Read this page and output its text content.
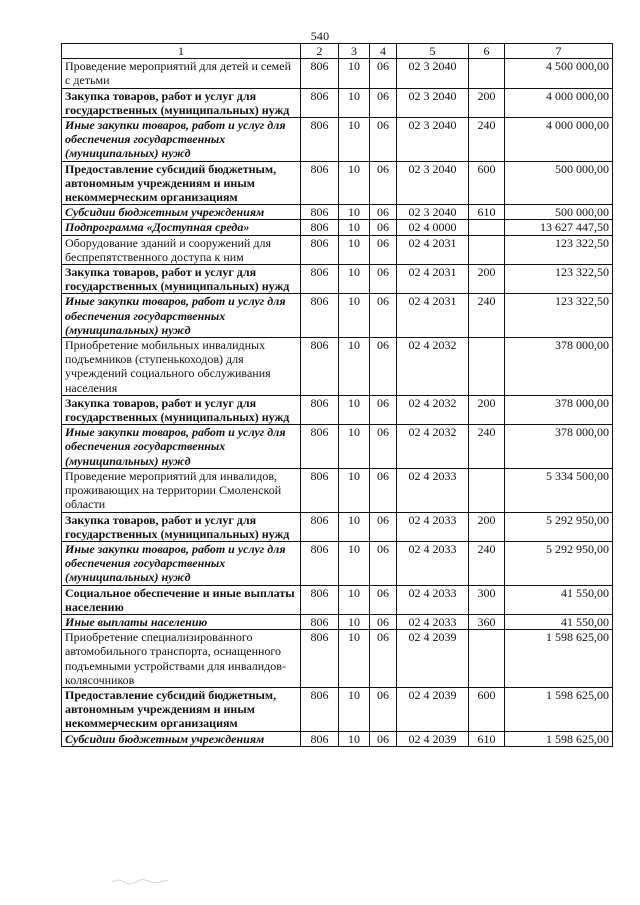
540
1	2	3	4	5	6	7
Проведение мероприятий для детей и семей с детьми	806	10	06	02 3 2040		4 500 000,00
Закупка товаров, работ и услуг для государственных (муниципальных) нужд	806	10	06	02 3 2040	200	4 000 000,00
Иные закупки товаров, работ и услуг для обеспечения государственных (муниципальных) нужд	806	10	06	02 3 2040	240	4 000 000,00
Предоставление субсидий бюджетным, автономным учреждениям и иным некоммерческим организациям	806	10	06	02 3 2040	600	500 000,00
Субсидии бюджетным учреждениям	806	10	06	02 3 2040	610	500 000,00
Подпрограмма «Доступная среда»	806	10	06	02 4 0000		13 627 447,50
Оборудование зданий и сооружений для беспрепятственного доступа к ним	806	10	06	02 4 2031		123 322,50
Закупка товаров, работ и услуг для государственных (муниципальных) нужд	806	10	06	02 4 2031	200	123 322,50
Иные закупки товаров, работ и услуг для обеспечения государственных (муниципальных) нужд	806	10	06	02 4 2031	240	123 322,50
Приобретение мобильных инвалидных подъемников (ступенькоходов) для учреждений социального обслуживания населения	806	10	06	02 4 2032		378 000,00
Закупка товаров, работ и услуг для государственных (муниципальных) нужд	806	10	06	02 4 2032	200	378 000,00
Иные закупки товаров, работ и услуг для обеспечения государственных (муниципальных) нужд	806	10	06	02 4 2032	240	378 000,00
Проведение мероприятий для инвалидов, проживающих на территории Смоленской области	806	10	06	02 4 2033		5 334 500,00
Закупка товаров, работ и услуг для государственных (муниципальных) нужд	806	10	06	02 4 2033	200	5 292 950,00
Иные закупки товаров, работ и услуг для обеспечения государственных (муниципальных) нужд	806	10	06	02 4 2033	240	5 292 950,00
Социальное обеспечение и иные выплаты населению	806	10	06	02 4 2033	300	41 550,00
Иные выплаты населению	806	10	06	02 4 2033	360	41 550,00
Приобретение специализированного автомобильного транспорта, оснащенного подъемными устройствами для инвалидов-колясочников	806	10	06	02 4 2039		1 598 625,00
Предоставление субсидий бюджетным, автономным учреждениям и иным некоммерческим организациям	806	10	06	02 4 2039	600	1 598 625,00
Субсидии бюджетным учреждениям	806	10	06	02 4 2039	610	1 598 625,00
